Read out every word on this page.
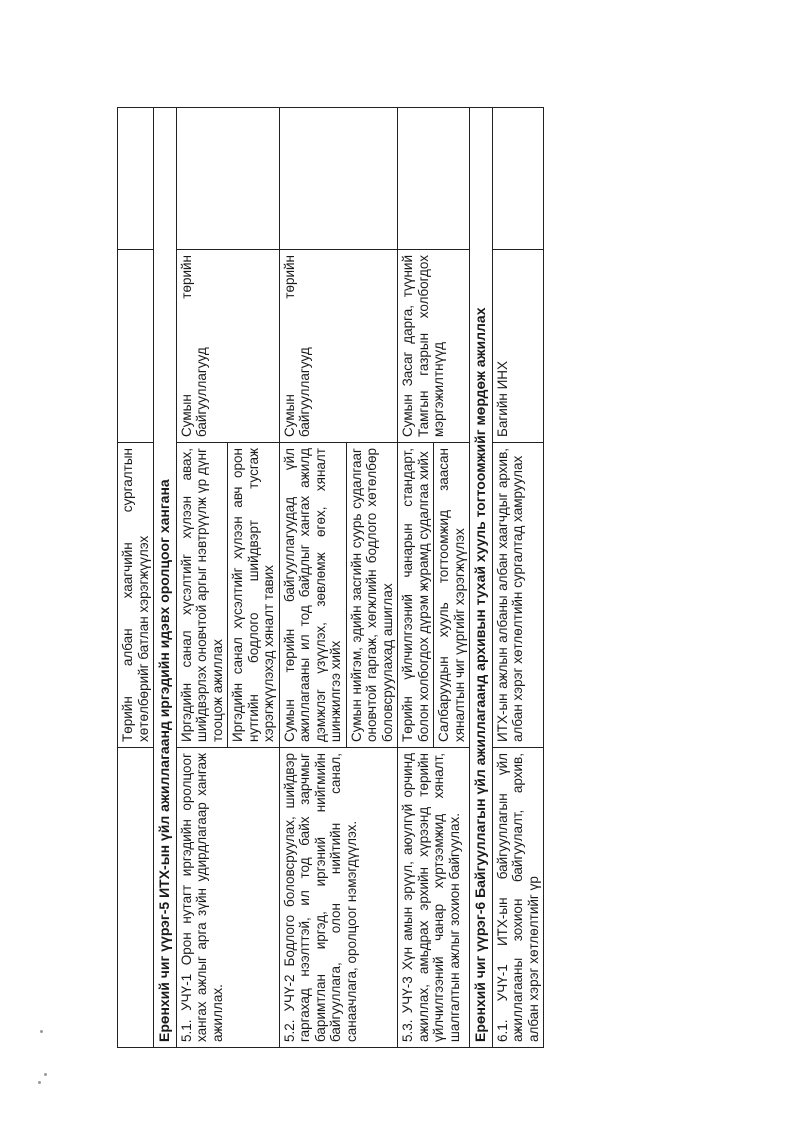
	Төрийн албан хаагчийн сургалтын хөтөлбөрийг батлан хэрэгжүүлэх		
Ерөнхий чиг үүрэг-5 ИТХ-ын үйл ажиллагаанд иргэдийн идэвх оролцоог хангана			
5.1. УЧҮ-1 Орон нутагт иргэдийн оролцоог хангах ажлыг арга зүйн удирдлагаар хангаж ажиллах.	Иргэдийн санал хүсэлтийг хүлээн авах, шийдвэрлэх оновчтой аргыг нэвтрүүлж үр дүнг тооцож ажиллах	Сумын төрийн байгууллагууд	
	Иргэдийн санал хүсэлтийг хүлээн авч орон нутгийн бодлого шийдвэрт тусгаж хэрэгжүүлэхэд хяналт тавих		
5.2. УЧҮ-2 Бодлого боловсруулах, шийдвэр гаргахад нээлттэй, ил тод байх зарчмыг баримтлан иргэд, иргэний нийгмийн байгууллага, олон нийтийн санал, санаачлага, оролцоог нэмэгдүүлэх.	Сумын төрийн байгууллагуудад үйл ажиллагааны ил тод байдлыг хангах ажилд дэмжлэг үзүүлэх, зөвлөмж өгөх, хяналт шинжилгээ хийх	Сумын төрийн байгууллагууд	
	Сумын нийгэм, эдийн засгийн суурь судалгааг оновчтой гаргаж, хөгжлийн бодлого хөтөлбөр боловсруулахад ашиглах		
5.3. УЧҮ-3 Хүн амын эрүүл, аюулгүй орчинд ажиллах, амьдрах эрхийн хүрээнд төрийн үйлчилгээний чанар хүртээмжид хяналт, шалгалтын ажлыг зохион байгуулах.	Төрийн үйлчилгээний чанарын стандарт, болон холбогдох дүрэм журамд судалгаа хийх	Сумын Засаг дарга, түүний Тамгын газрын холбогдох мэргэжилтнүүд	
	Салбаруудын хууль тогтоомжид заасан хяналтын чиг үүргийг хэрэгжүүлэх		
Ерөнхий чиг үүрэг-6 Байгууллагын үйл ажиллагаанд архивын тухай хууль тогтоомжийг мөрдөж ажиллах			
6.1. УЧҮ-1 ИТХ-ын байгууллагын үйл ажиллагааны зохион байгуулалт, архив, албан хэрэг хөтлөлтийг үр	ИТХ-ын ажлын албаны албан хаагчдыг архив, албан хэрэг хөтлөлтийн сургалтад хамруулах	Багийн ИНХ	
